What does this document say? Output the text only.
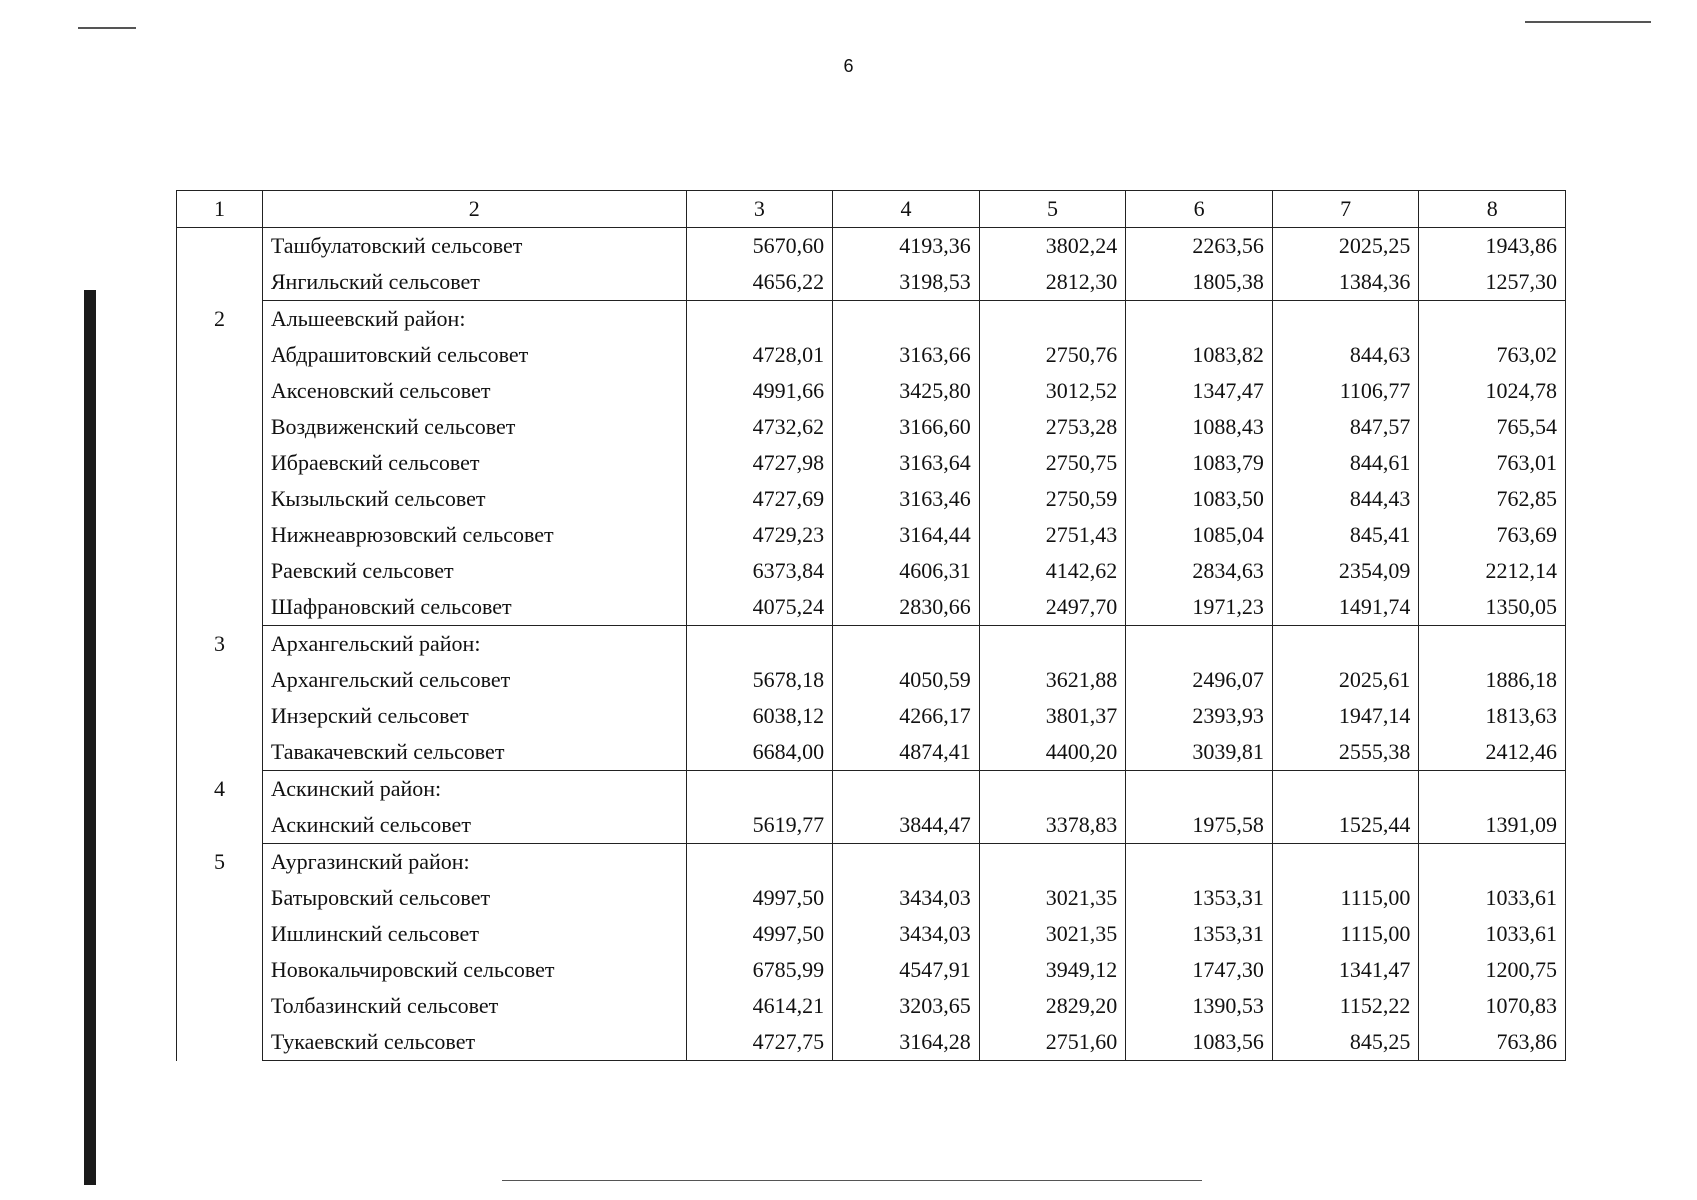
6
1	2	3	4	5	6	7	8
	Ташбулатовский сельсовет	5670,60	4193,36	3802,24	2263,56	2025,25	1943,86
	Янгильский сельсовет	4656,22	3198,53	2812,30	1805,38	1384,36	1257,30
2	Альшеевский район:						
	Абдрашитовский сельсовет	4728,01	3163,66	2750,76	1083,82	844,63	763,02
	Аксеновский сельсовет	4991,66	3425,80	3012,52	1347,47	1106,77	1024,78
	Воздвиженский сельсовет	4732,62	3166,60	2753,28	1088,43	847,57	765,54
	Ибраевский сельсовет	4727,98	3163,64	2750,75	1083,79	844,61	763,01
	Кызыльский сельсовет	4727,69	3163,46	2750,59	1083,50	844,43	762,85
	Нижнеаврюзовский сельсовет	4729,23	3164,44	2751,43	1085,04	845,41	763,69
	Раевский сельсовет	6373,84	4606,31	4142,62	2834,63	2354,09	2212,14
	Шафрановский сельсовет	4075,24	2830,66	2497,70	1971,23	1491,74	1350,05
3	Архангельский район:						
	Архангельский сельсовет	5678,18	4050,59	3621,88	2496,07	2025,61	1886,18
	Инзерский сельсовет	6038,12	4266,17	3801,37	2393,93	1947,14	1813,63
	Тавакачевский сельсовет	6684,00	4874,41	4400,20	3039,81	2555,38	2412,46
4	Аскинский район:						
	Аскинский сельсовет	5619,77	3844,47	3378,83	1975,58	1525,44	1391,09
5	Аургазинский район:						
	Батыровский сельсовет	4997,50	3434,03	3021,35	1353,31	1115,00	1033,61
	Ишлинский сельсовет	4997,50	3434,03	3021,35	1353,31	1115,00	1033,61
	Новокальчировский сельсовет	6785,99	4547,91	3949,12	1747,30	1341,47	1200,75
	Толбазинский сельсовет	4614,21	3203,65	2829,20	1390,53	1152,22	1070,83
	Тукаевский сельсовет	4727,75	3164,28	2751,60	1083,56	845,25	763,86
